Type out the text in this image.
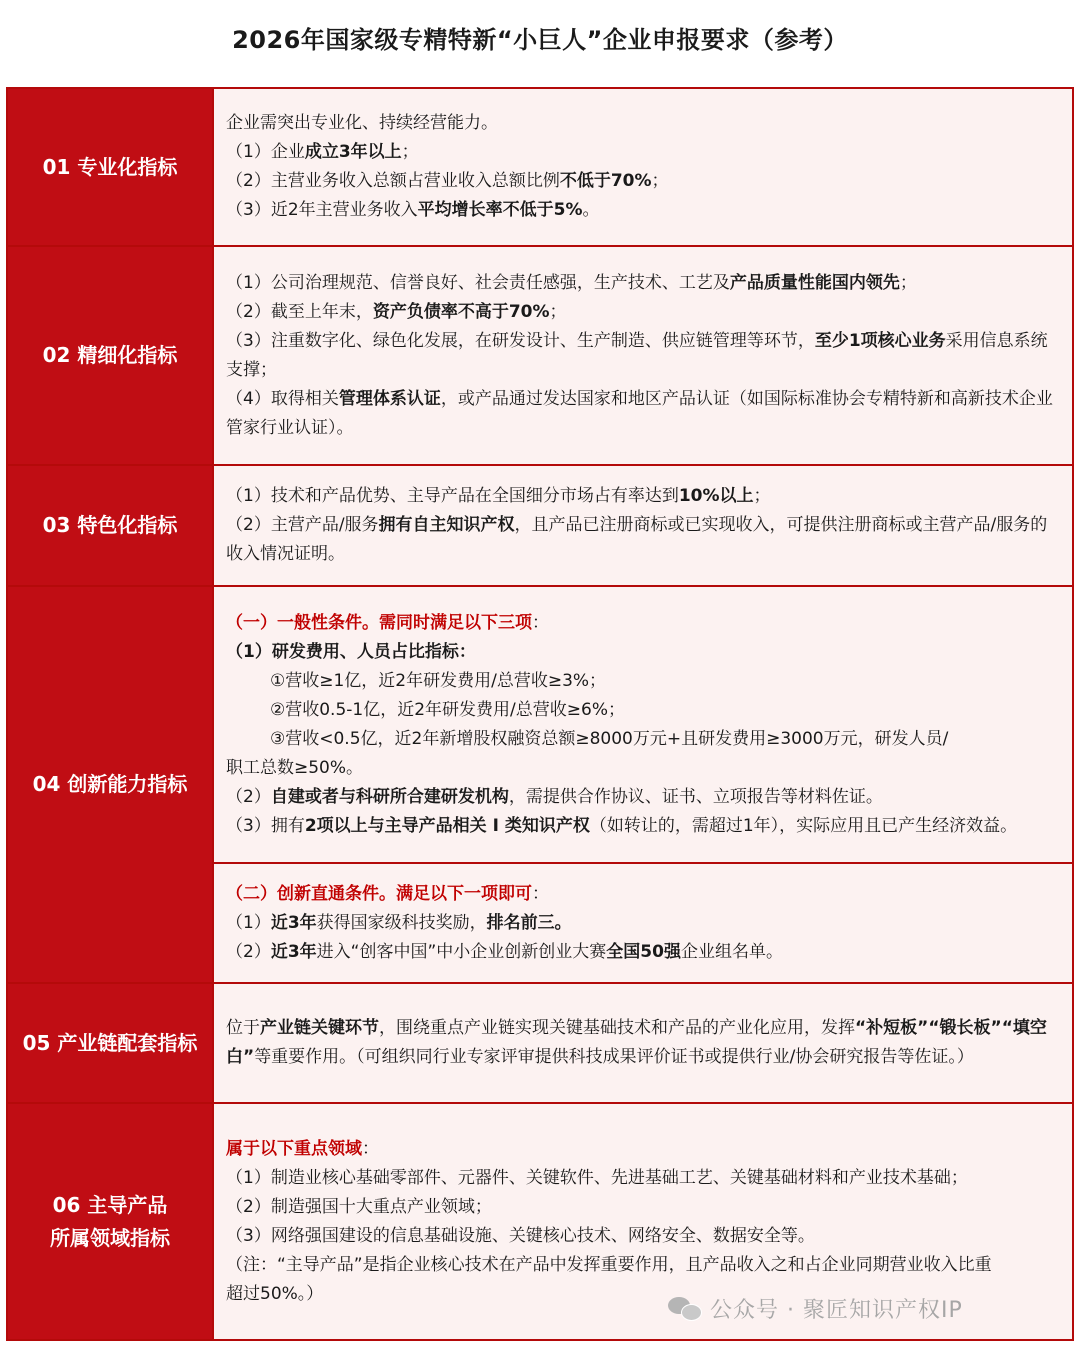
2026年国家级专精特新“小巨人”企业申报要求（参考）
01 专业化指标
企业需突出专业化、持续经营能力。
（1）企业成立3年以上；
（2）主营业务收入总额占营业收入总额比例不低于70%；
（3）近2年主营业务收入平均增长率不低于5%。
02 精细化指标
（1）公司治理规范、信誉良好、社会责任感强，生产技术、工艺及产品质量性能国内领先；
（2）截至上年末，资产负债率不高于70%；
（3）注重数字化、绿色化发展，在研发设计、生产制造、供应链管理等环节，至少1项核心业务采用信息系统支撑；
（4）取得相关管理体系认证，或产品通过发达国家和地区产品认证（如国际标准协会专精特新和高新技术企业管家行业认证）。
03 特色化指标
（1）技术和产品优势、主导产品在全国细分市场占有率达到10%以上；
（2）主营产品/服务拥有自主知识产权，且产品已注册商标或已实现收入，可提供注册商标或主营产品/服务的收入情况证明。
04 创新能力指标
（一）一般性条件。需同时满足以下三项：
（1）研发费用、人员占比指标：
①营收≥1亿，近2年研发费用/总营收≥3%；
②营收0.5-1亿，近2年研发费用/总营收≥6%；
③营收<0.5亿，近2年新增股权融资总额≥8000万元+且研发费用≥3000万元，研发人员/
职工总数≥50%。
（2）自建或者与科研所合建研发机构，需提供合作协议、证书、立项报告等材料佐证。
（3）拥有2项以上与主导产品相关 I 类知识产权（如转让的，需超过1年），实际应用且已产生经济效益。
（二）创新直通条件。满足以下一项即可：
（1）近3年获得国家级科技奖励，排名前三。
（2）近3年进入“创客中国”中小企业创新创业大赛全国50强企业组名单。
05 产业链配套指标
位于产业链关键环节，围绕重点产业链实现关键基础技术和产品的产业化应用，发挥“补短板”“锻长板”“填空白”等重要作用。（可组织同行业专家评审提供科技成果评价证书或提供行业/协会研究报告等佐证。）
06 主导产品
所属领域指标
属于以下重点领域：
（1）制造业核心基础零部件、元器件、关键软件、先进基础工艺、关键基础材料和产业技术基础；
（2）制造强国十大重点产业领域；
（3）网络强国建设的信息基础设施、关键核心技术、网络安全、数据安全等。
（注：“主导产品”是指企业核心技术在产品中发挥重要作用，且产品收入之和占企业同期营业收入比重超过50%。）
公众号 · 聚匠知识产权IP
